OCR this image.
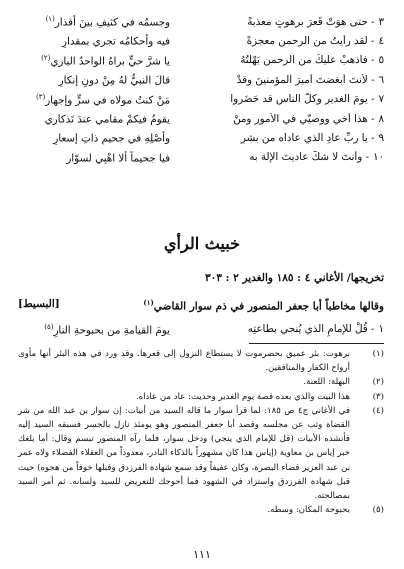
٣- حتى هوَتْ قَعرَ برهوتٍ معذبةً
وجسمُه في كثيفٍ بينَ أقذارِ$^{(١)}$
٤- لقد رأيتُ من الرحمنِ معجزةً
فيه وأحكامُه تجري بمقدارِ
٥- فاذهبْ عليكَ من الرحمنِ بَهْلَتُهُ
يا شرَّ حيٍّ براهُ الواحدُ الباري$^{(٢)}$
٦- لأنتَ أبغضتَ أميرَ المؤمنينَ وقدْ
قالَ النبيُّ لهُ مِنْ دونِ إنكارِ
٧- يومَ الغديرِ وكلُّ الناسِ قد حَضَروا
مَنْ كنتُ مولاه في سرٍّ وإجهارِ$^{(٣)}$
٨- هذا أخي ووصيّي في الأمورِ ومنْ
يقومُ فيكمْ مقامي عندَ تَذكاري
٩- يا ربِّ عادِ الذي عاداه من بشرٍ
وأصْلِهِ في جحيمٍ ذاتِ إسعارِ
١٠- وأنتَ لا شكَّ عاديتَ الإلهَ به
فيا جحيماً ألا اهْبِي لسوّارِ
خبيث الرأي
تخريجها/ الأغاني ٤ : ١٨٥ والغدير ٢ : ٣٠٣
وقالها مخاطباً أبا جعفر المنصور في ذم سوار القاضي$^{(١)}$
[البسيط]
١- قُلْ للإمامِ الذي يُنجي بطاعتِه
يومَ القيامةِ من بحبوحةِ النارِ$^{(٥)}$
(١)
برهوت: بئر عميق بحضرموت لا يستطاع النزول إلى قعرها. وقد ورد في هذه البئر أنها مأوى أرواح الكفار والمنافقين.
(٢)
البهلة: اللعنة.
(٣)
هذا البيت والذي بعده قصة يوم الغدير وحديث: عاد من عاداه.
(٤)
في الأغاني ج٤ ص ١٨٥: لما قرأ سوار ما قاله السيد من أبيات: إن سوار بن عبد الله من شر القضاة وثب عن مجلسه وقصد أبا جعفر المنصور وهو يومئذ نازل بالجسر فسبقه السيد إليه فأنشده الأبيات (قل للإمام الذي ينجي) ودخل سوار، فلما رآه المنصور تبسم وقال: أما بلغك خبر إياس بن معاوية (إياس هذا كان مشهوراً بالذكاء النادر، معدوداً من العقلاء الفضلاء ولاه عمر بن عبد العزيز قضاء البصرة، وكان عفيفاً وقد سمع شهادة الفرزدق وقبلها خوفاً من هجوه) حيث قبل شهادة الفرزدق واستزاد في الشهود فما أحوجك للتعريض للسيد ولسانه. ثم أمر السيد بمصالحته.
(٥)
بحبوحة المكان: وسطه.
١١١
